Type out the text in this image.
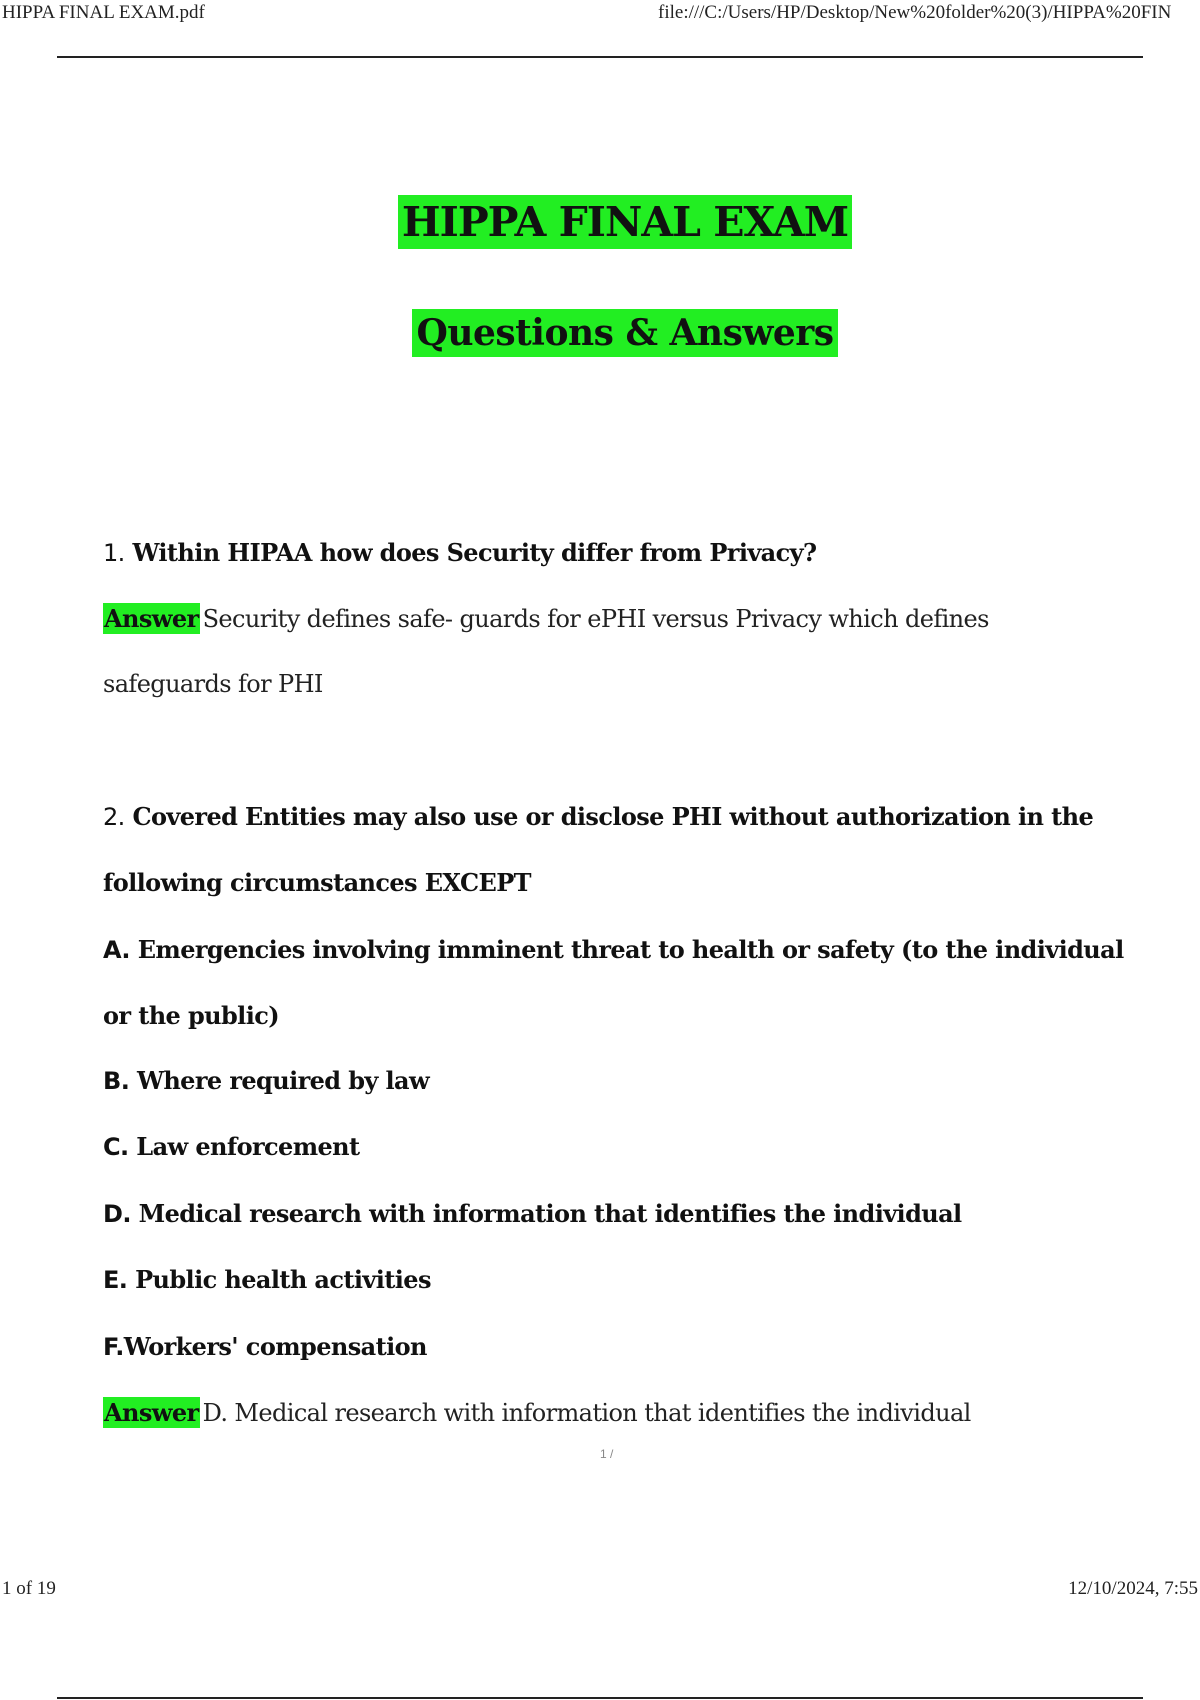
HIPPA FINAL EXAM.pdf	file:///C:/Users/HP/Desktop/New%20folder%20(3)/HIPPA%20FIN
HIPPA FINAL EXAM
Questions & Answers
1. Within HIPAA how does Security differ from Privacy?
Answer Security defines safe- guards for ePHI versus Privacy which defines
safeguards for PHI
2. Covered Entities may also use or disclose PHI without authorization in the
following circumstances EXCEPT
A. Emergencies involving imminent threat to health or safety (to the individual
or the public)
B. Where required by law
C. Law enforcement
D. Medical research with information that identifies the individual
E. Public health activities
F.Workers' compensation
Answer D. Medical research with information that identifies the individual
1 /
1 of 19	12/10/2024, 7:55
